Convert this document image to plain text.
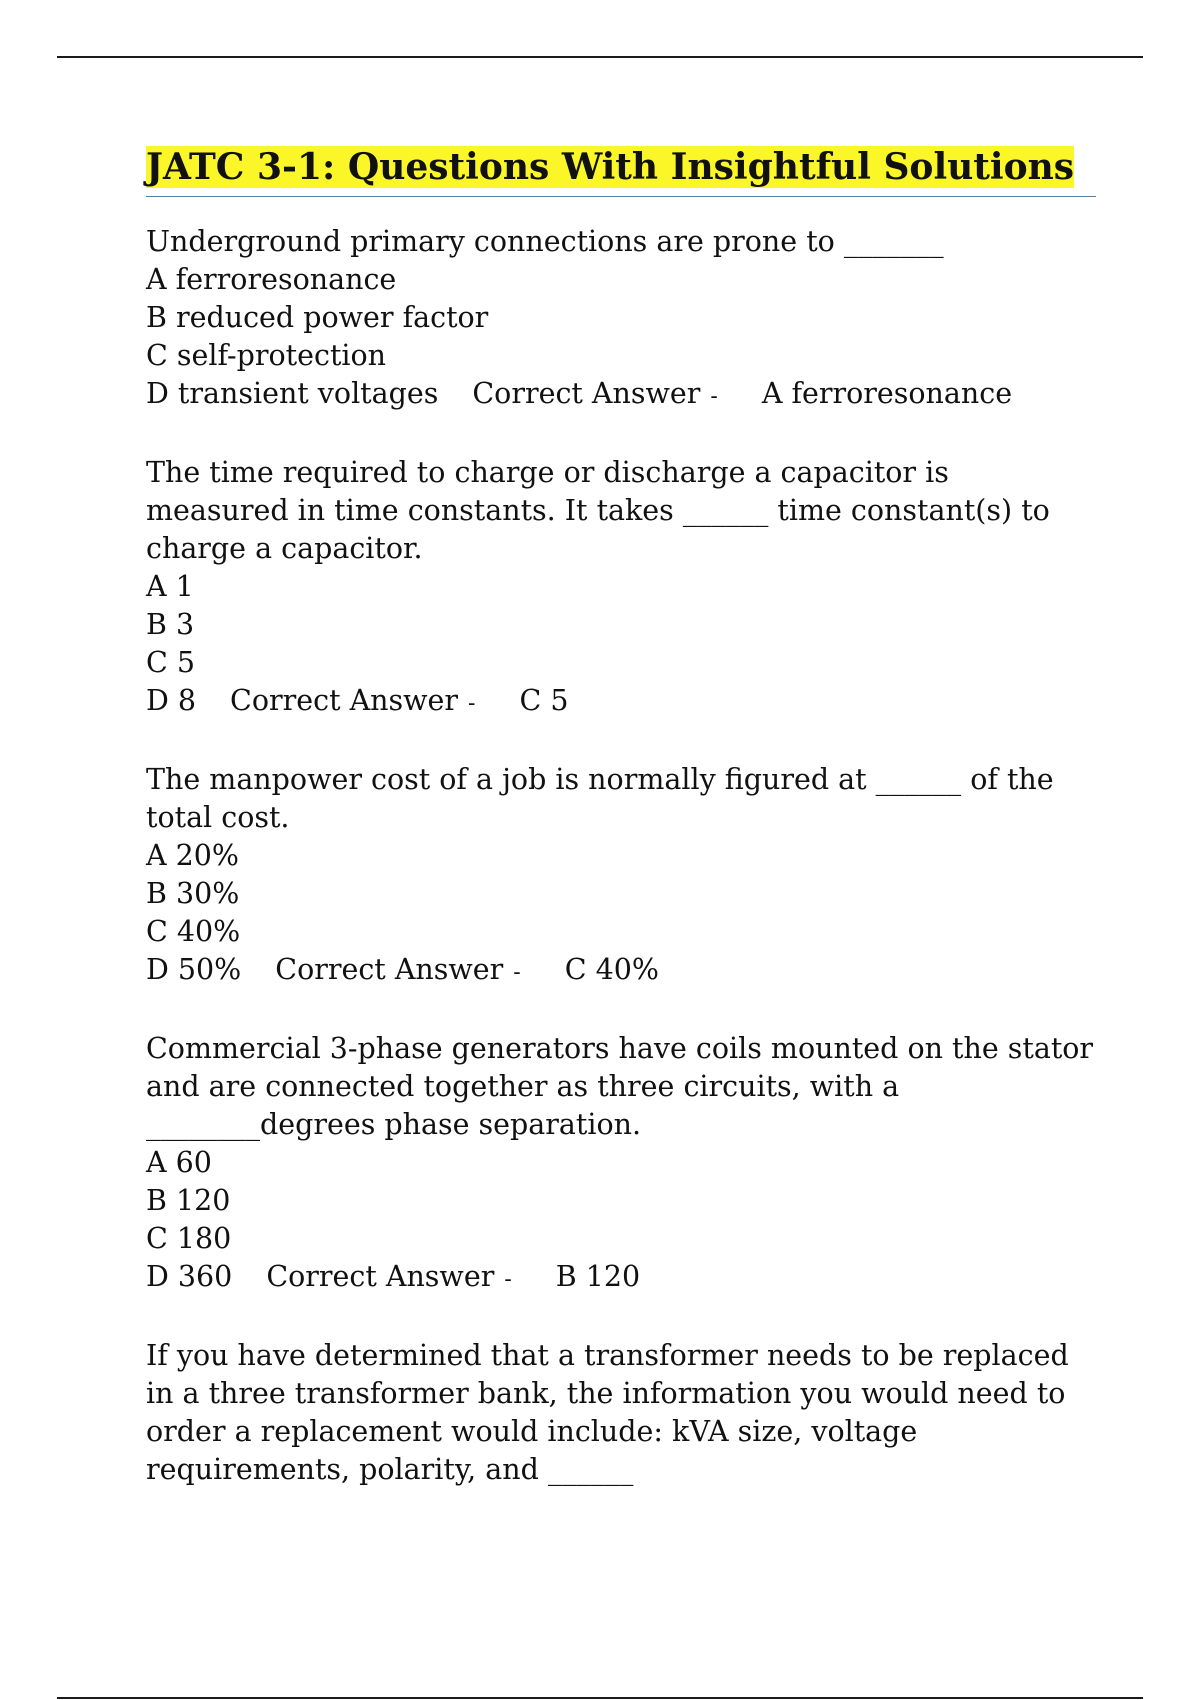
JATC 3-1: Questions With Insightful Solutions
Underground primary connections are prone to _______
A ferroresonance
B reduced power factor
C self-protection
D transient voltages Correct Answer - A ferroresonance
The time required to charge or discharge a capacitor is measured in time constants. It takes ______ time constant(s) to charge a capacitor.
A 1
B 3
C 5
D 8 Correct Answer - C 5
The manpower cost of a job is normally figured at ______ of the total cost.
A 20%
B 30%
C 40%
D 50% Correct Answer - C 40%
Commercial 3-phase generators have coils mounted on the stator and are connected together as three circuits, with a ________degrees phase separation.
A 60
B 120
C 180
D 360 Correct Answer - B 120
If you have determined that a transformer needs to be replaced in a three transformer bank, the information you would need to order a replacement would include: kVA size, voltage requirements, polarity, and ______
